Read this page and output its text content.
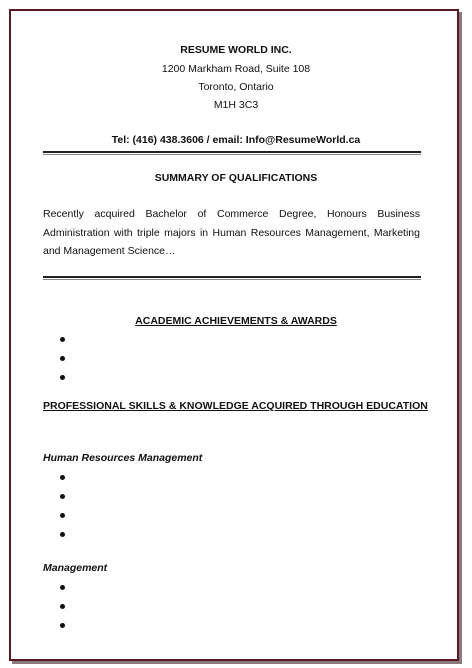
RESUME WORLD INC.
1200 Markham Road, Suite 108
Toronto, Ontario
M1H 3C3
Tel: (416) 438.3606 / email: Info@ResumeWorld.ca
SUMMARY OF QUALIFICATIONS
Recently acquired Bachelor of Commerce Degree, Honours Business Administration with triple majors in Human Resources Management, Marketing and Management Science…
ACADEMIC ACHIEVEMENTS & AWARDS
PROFESSIONAL SKILLS & KNOWLEDGE ACQUIRED THROUGH EDUCATION
Human Resources Management
Management
